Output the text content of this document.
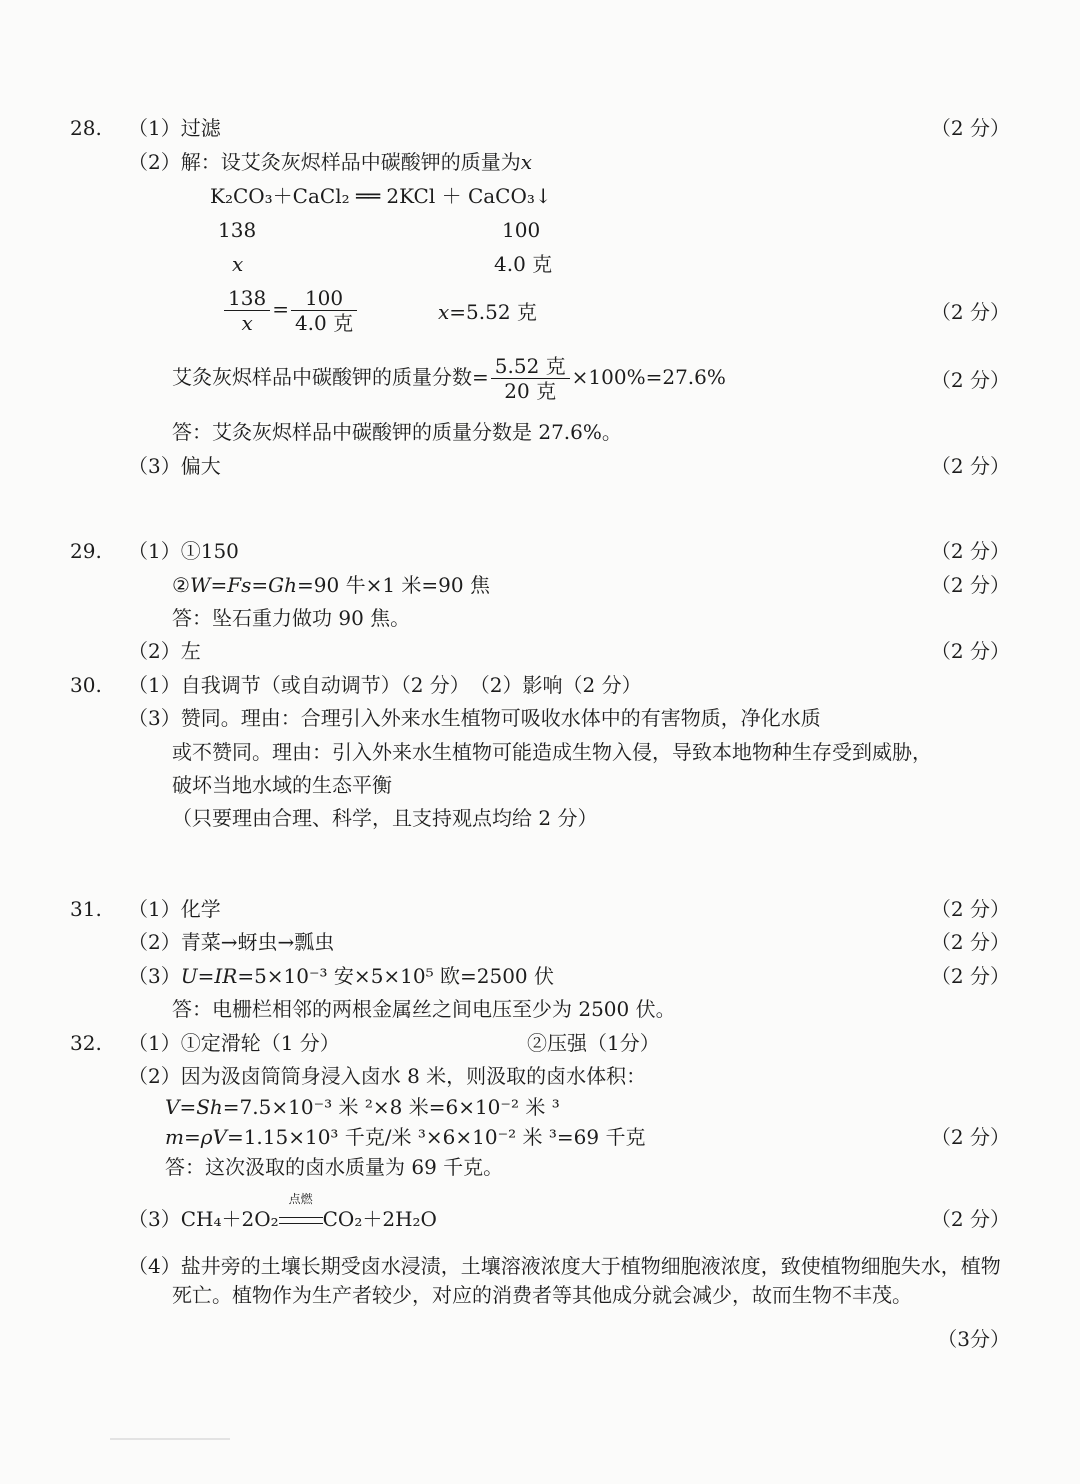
28. （1）过滤	（2 分）
（2）解：设艾灸灰烬样品中碳酸钾的质量为x
K₂CO₃＋CaCl₂ ══ 2KCl ＋ CaCO₃↓
138	100
x	4.0 克
$\frac{138}{x} = \frac{100}{\text{4.0 克}}$	x=5.52 克	（2 分）
艾灸灰烬样品中碳酸钾的质量分数= $\frac{\text{5.52 克}}{\text{20 克}} \times 100\%=27.6\%$	（2 分）
答：艾灸灰烬样品中碳酸钾的质量分数是 27.6%。
（3）偏大	（2 分）
29. （1）①150	（2 分）
②W=Fs=Gh=90 牛×1 米=90 焦	（2 分）
答：坠石重力做功 90 焦。
（2）左	（2 分）
30. （1）自我调节（或自动调节）（2 分）　（2）影响（2 分）
（3）赞同。理由：合理引入外来水生植物可吸收水体中的有害物质，净化水质
或不赞同。理由：引入外来水生植物可能造成生物入侵，导致本地物种生存受到威胁，
破坏当地水域的生态平衡
（只要理由合理、科学，且支持观点均给 2 分）
31. （1）化学	（2 分）
（2）青菜→蚜虫→瓢虫	（2 分）
（3）U=IR=5×10⁻³ 安×5×10⁵ 欧=2500 伏	（2 分）
答：电栅栏相邻的两根金属丝之间电压至少为 2500 伏。
32. （1）①定滑轮（1 分）	②压强（1分）
（2）因为汲卤筒筒身浸入卤水 8 米，则汲取的卤水体积：
V=Sh=7.5×10⁻³ 米 ²×8 米=6×10⁻² 米 ³
m=ρV=1.15×10³ 千克/米 ³×6×10⁻² 米 ³=69 千克	（2 分）
答：这次汲取的卤水质量为 69 千克。
（3）CH₄＋2O₂
点燃
CO₂＋2H₂O	（2 分）
（4）盐井旁的土壤长期受卤水浸渍，土壤溶液浓度大于植物细胞液浓度，致使植物细胞失水，植物死亡。植物作为生产者较少，对应的消费者等其他成分就会减少，故而生物不丰茂。
（3分）
